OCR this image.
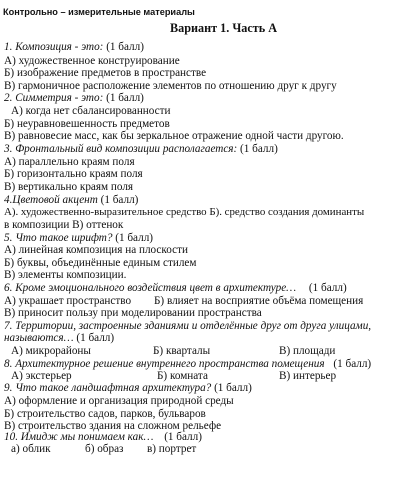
Контрольно – измерительные материалы
Вариант 1. Часть А
1. Композиция - это: (1 балл)
А) художественное конструирование
Б) изображение предметов в пространстве
В) гармоничное расположение элементов по отношению друг к другу
2. Симметрия - это: (1 балл)
А) когда нет сбалансированности
Б) неуравновешенность предметов
В) равновесие масс, как бы зеркальное отражение одной части другою.
3. Фронтальный вид композиции располагается: (1 балл)
А) параллельно краям поля
Б) горизонтально краям поля
В) вертикально краям поля
4.Цветовой акцент (1 балл)
А). художественно-выразительное средство Б). средство создания доминанты
в композиции В) оттенок
5. Что такое шрифт? (1 балл)
А) линейная композиция на плоскости
Б) буквы, объединённые единым стилем
В) элементы композиции.
6. Кроме эмоционального воздействия цвет в архитектуре… (1 балл)
А) украшает пространство Б) влияет на восприятие объёма помещения
В) приносит пользу при моделировании пространства
7. Территории, застроенные зданиями и отделённые друг от друга улицами,
называются… (1 балл)
А) микрорайоны	Б) кварталы	В) площади
8. Архитектурное решение внутреннего пространства помещения (1 балл)
А) экстерьер	Б) комната	В) интерьер
9. Что такое ландшафтная архитектура? (1 балл)
А) оформление и организация природной среды
Б) строительство садов, парков, бульваров
В) строительство здания на сложном рельефе
10. Имидж мы понимаем как… (1 балл)
а) облик	б) образ в) портрет
